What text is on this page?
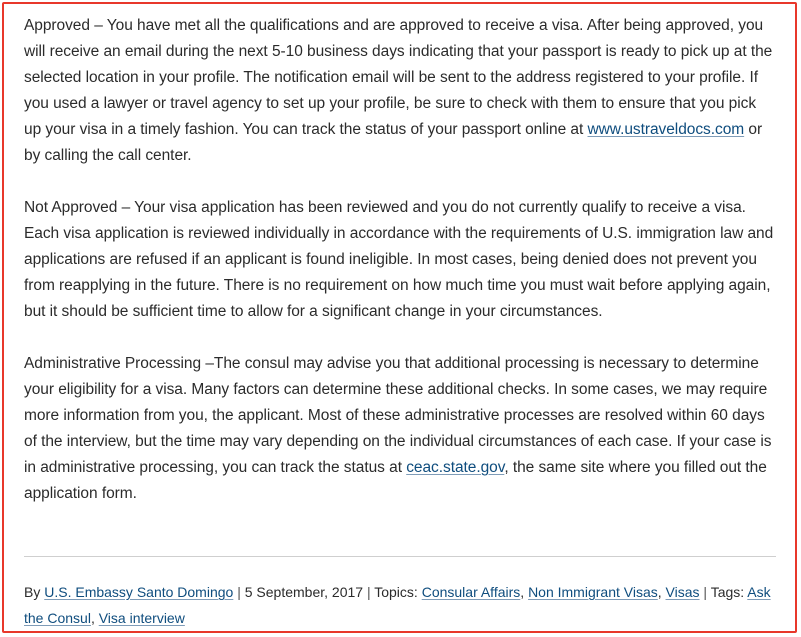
Approved – You have met all the qualifications and are approved to receive a visa. After being approved, you will receive an email during the next 5-10 business days indicating that your passport is ready to pick up at the selected location in your profile. The notification email will be sent to the address registered to your profile. If you used a lawyer or travel agency to set up your profile, be sure to check with them to ensure that you pick up your visa in a timely fashion. You can track the status of your passport online at www.ustraveldocs.com or by calling the call center.

Not Approved – Your visa application has been reviewed and you do not currently qualify to receive a visa. Each visa application is reviewed individually in accordance with the requirements of U.S. immigration law and applications are refused if an applicant is found ineligible. In most cases, being denied does not prevent you from reapplying in the future. There is no requirement on how much time you must wait before applying again, but it should be sufficient time to allow for a significant change in your circumstances.

Administrative Processing –The consul may advise you that additional processing is necessary to determine your eligibility for a visa. Many factors can determine these additional checks. In some cases, we may require more information from you, the applicant. Most of these administrative processes are resolved within 60 days of the interview, but the time may vary depending on the individual circumstances of each case. If your case is in administrative processing, you can track the status at ceac.state.gov, the same site where you filled out the application form.

By U.S. Embassy Santo Domingo | 5 September, 2017 | Topics: Consular Affairs, Non Immigrant Visas, Visas | Tags: Ask the Consul, Visa interview
